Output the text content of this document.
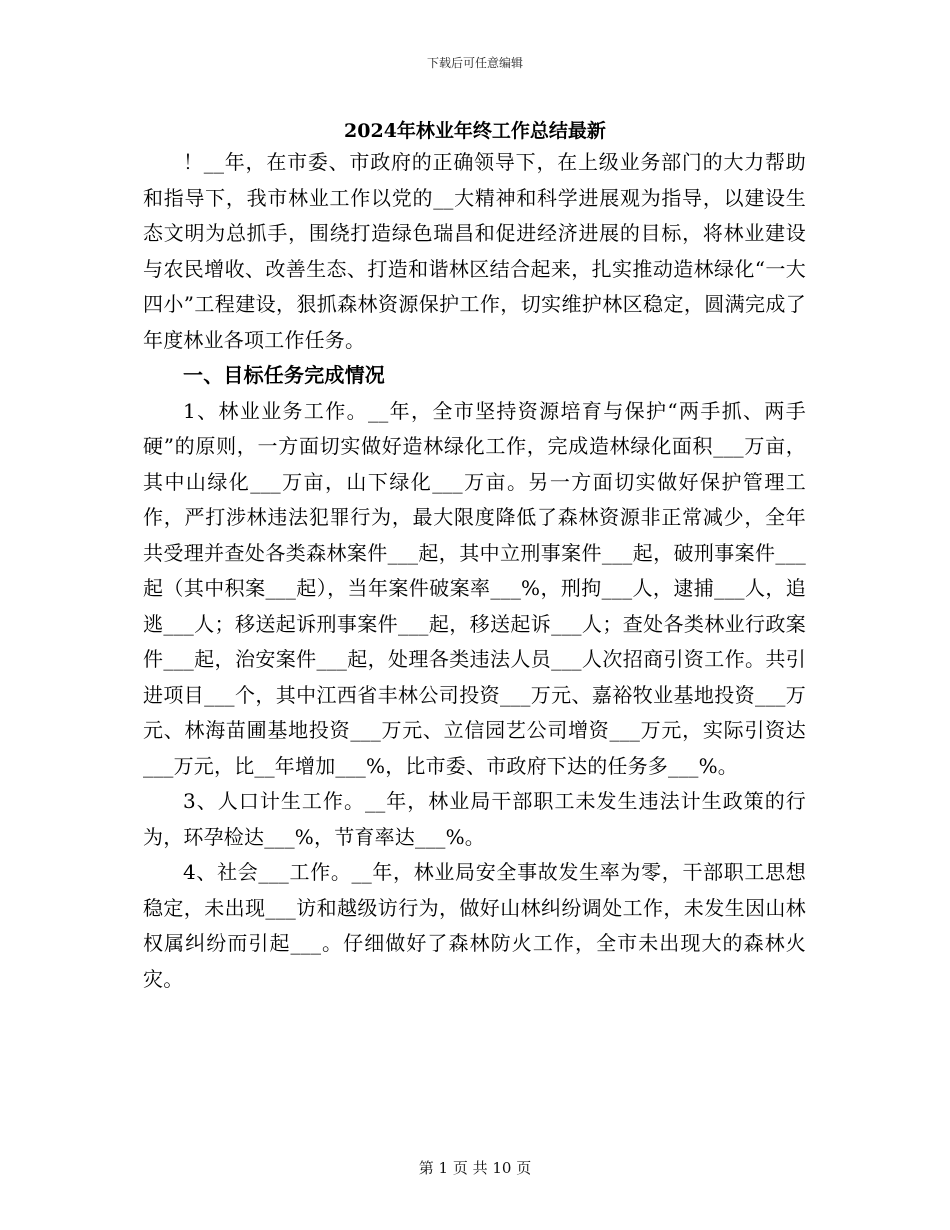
下载后可任意编辑
2024年林业年终工作总结最新

！__年，在市委、市政府的正确领导下，在上级业务部门的大力帮助和指导下，我市林业工作以党的__大精神和科学进展观为指导，以建设生态文明为总抓手，围绕打造绿色瑞昌和促进经济进展的目标，将林业建设与农民增收、改善生态、打造和谐林区结合起来，扎实推动造林绿化“一大四小”工程建设，狠抓森林资源保护工作，切实维护林区稳定，圆满完成了年度林业各项工作任务。

一、目标任务完成情况

1、林业业务工作。__年，全市坚持资源培育与保护“两手抓、两手硬”的原则，一方面切实做好造林绿化工作，完成造林绿化面积___万亩，其中山绿化___万亩，山下绿化___万亩。另一方面切实做好保护管理工作，严打涉林违法犯罪行为，最大限度降低了森林资源非正常减少，全年共受理并查处各类森林案件___起，其中立刑事案件___起，破刑事案件___起（其中积案___起），当年案件破案率___%，刑拘___人，逮捕___人，追逃___人；移送起诉刑事案件___起，移送起诉___人；查处各类林业行政案件___起，治安案件___起，处理各类违法人员___人次招商引资工作。共引进项目___个，其中江西省丰林公司投资___万元、嘉裕牧业基地投资___万元、林海苗圃基地投资___万元、立信园艺公司增资___万元，实际引资达___万元，比__年增加___%，比市委、市政府下达的任务多___%。

3、人口计生工作。__年，林业局干部职工未发生违法计生政策的行为，环孕检达___%，节育率达___%。

4、社会___工作。__年，林业局安全事故发生率为零，干部职工思想稳定，未出现___访和越级访行为，做好山林纠纷调处工作，未发生因山林权属纠纷而引起___。仔细做好了森林防火工作，全市未出现大的森林火灾。

第 1 页 共 10 页
